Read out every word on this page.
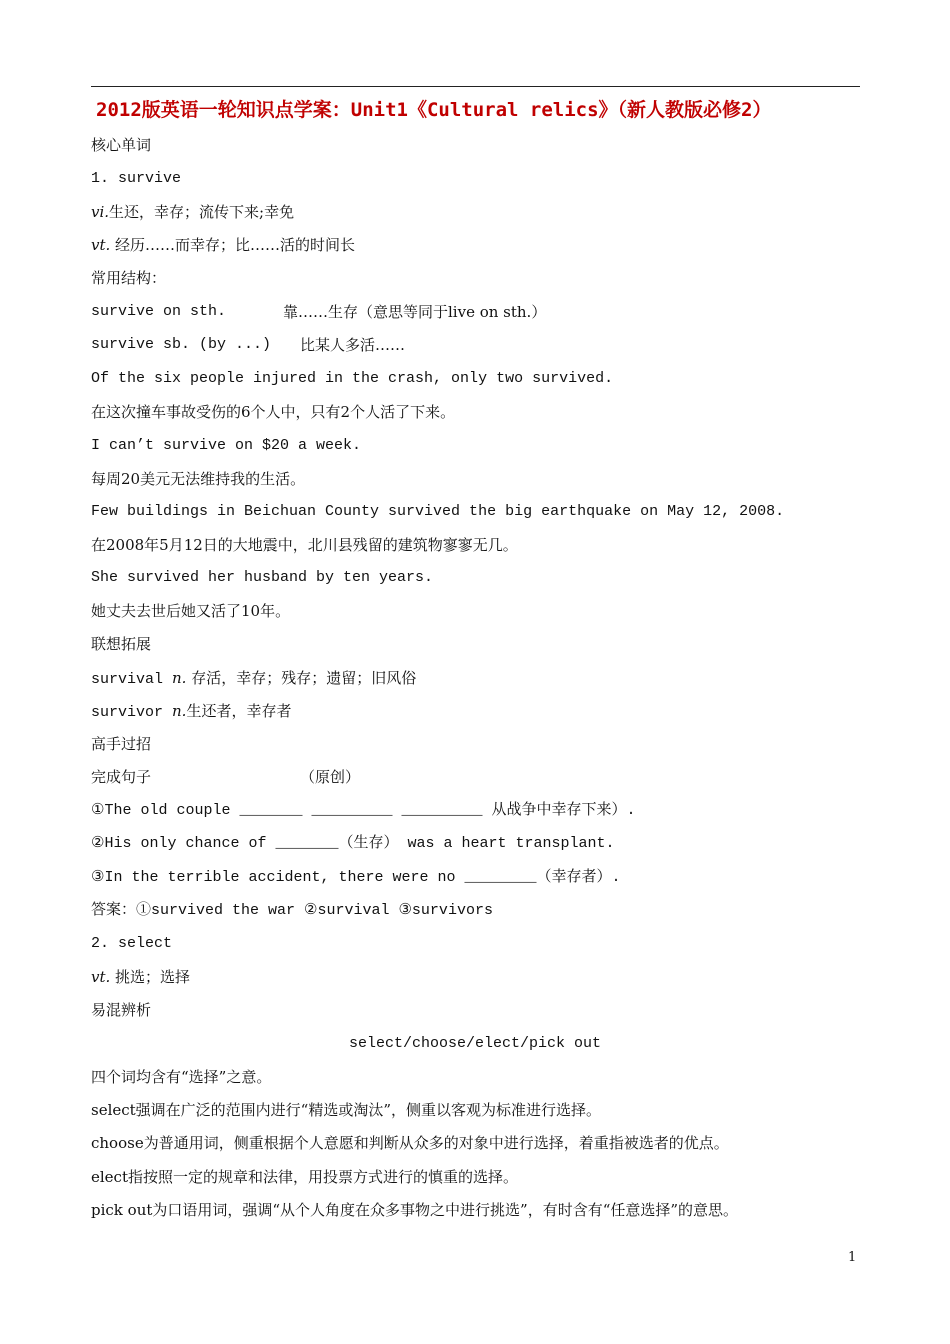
2012版英语一轮知识点学案：Unit1《Cultural relics》（新人教版必修2）
核心单词
1. survive
vi.生还，幸存；流传下来;幸免
vt. 经历……而幸存；比……活的时间长
常用结构：
survive on sth.	靠……生存（意思等同于live on sth.）
survive sb. (by ...) 比某人多活……
Of the six people injured in the crash, only two survived.
在这次撞车事故受伤的6个人中，只有2个人活了下来。
I can’t survive on $20 a week.
每周20美元无法维持我的生活。
Few buildings in Beichuan County survived the big earthquake on May 12, 2008.
在2008年5月12日的大地震中，北川县残留的建筑物寥寥无几。
She survived her husband by ten years.
她丈夫去世后她又活了10年。
联想拓展
survival n. 存活，幸存；残存；遗留；旧风俗
survivor n.生还者，幸存者
高手过招
完成句子	（原创）
①The old couple _______ _________ _________ 从战争中幸存下来）.
②His only chance of _______（生存） was a heart transplant.
③In the terrible accident, there were no ________（幸存者）.
答案：①survived the war ②survival ③survivors
2. select
vt. 挑选；选择
易混辨析
select/choose/elect/pick out
四个词均含有“选择”之意。
select强调在广泛的范围内进行“精选或淘汰”，侧重以客观为标准进行选择。
choose为普通用词，侧重根据个人意愿和判断从众多的对象中进行选择，着重指被选者的优点。
elect指按照一定的规章和法律，用投票方式进行的慎重的选择。
pick out为口语用词，强调“从个人角度在众多事物之中进行挑选”，有时含有“任意选择”的意思。
1
